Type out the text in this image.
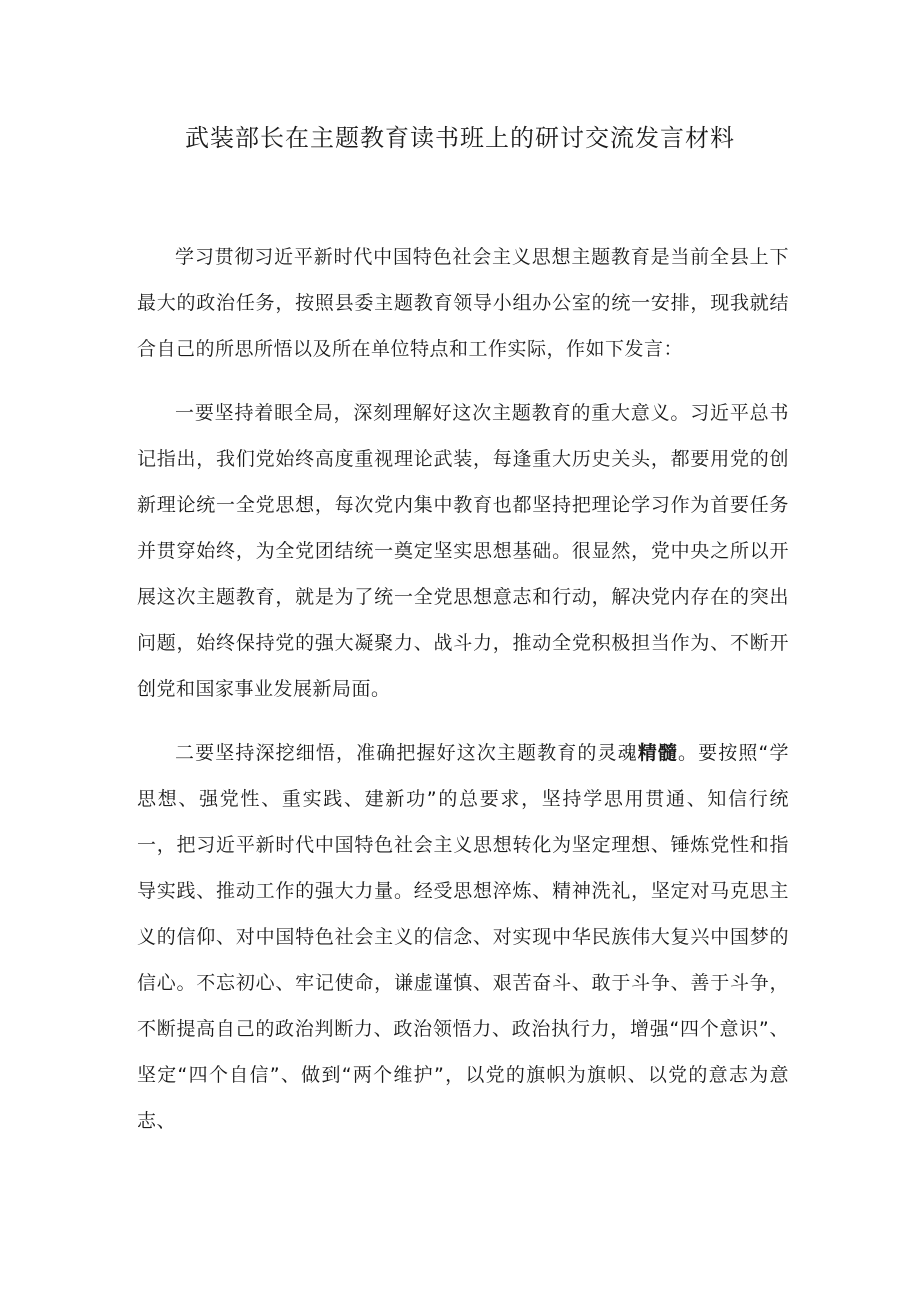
武装部长在主题教育读书班上的研讨交流发言材料

学习贯彻习近平新时代中国特色社会主义思想主题教育是当前全县上下最大的政治任务，按照县委主题教育领导小组办公室的统一安排，现我就结合自己的所思所悟以及所在单位特点和工作实际，作如下发言：

一要坚持着眼全局，深刻理解好这次主题教育的重大意义。习近平总书记指出，我们党始终高度重视理论武装，每逢重大历史关头，都要用党的创新理论统一全党思想，每次党内集中教育也都坚持把理论学习作为首要任务并贯穿始终，为全党团结统一奠定坚实思想基础。很显然，党中央之所以开展这次主题教育，就是为了统一全党思想意志和行动，解决党内存在的突出问题，始终保持党的强大凝聚力、战斗力，推动全党积极担当作为、不断开创党和国家事业发展新局面。

二要坚持深挖细悟，准确把握好这次主题教育的灵魂精髓。要按照“学思想、强党性、重实践、建新功”的总要求，坚持学思用贯通、知信行统一，把习近平新时代中国特色社会主义思想转化为坚定理想、锤炼党性和指导实践、推动工作的强大力量。经受思想淬炼、精神洗礼，坚定对马克思主义的信仰、对中国特色社会主义的信念、对实现中华民族伟大复兴中国梦的信心。不忘初心、牢记使命，谦虚谨慎、艰苦奋斗、敢于斗争、善于斗争，不断提高自己的政治判断力、政治领悟力、政治执行力，增强“四个意识”、坚定“四个自信”、做到“两个维护”，以党的旗帜为旗帜、以党的意志为意志、
